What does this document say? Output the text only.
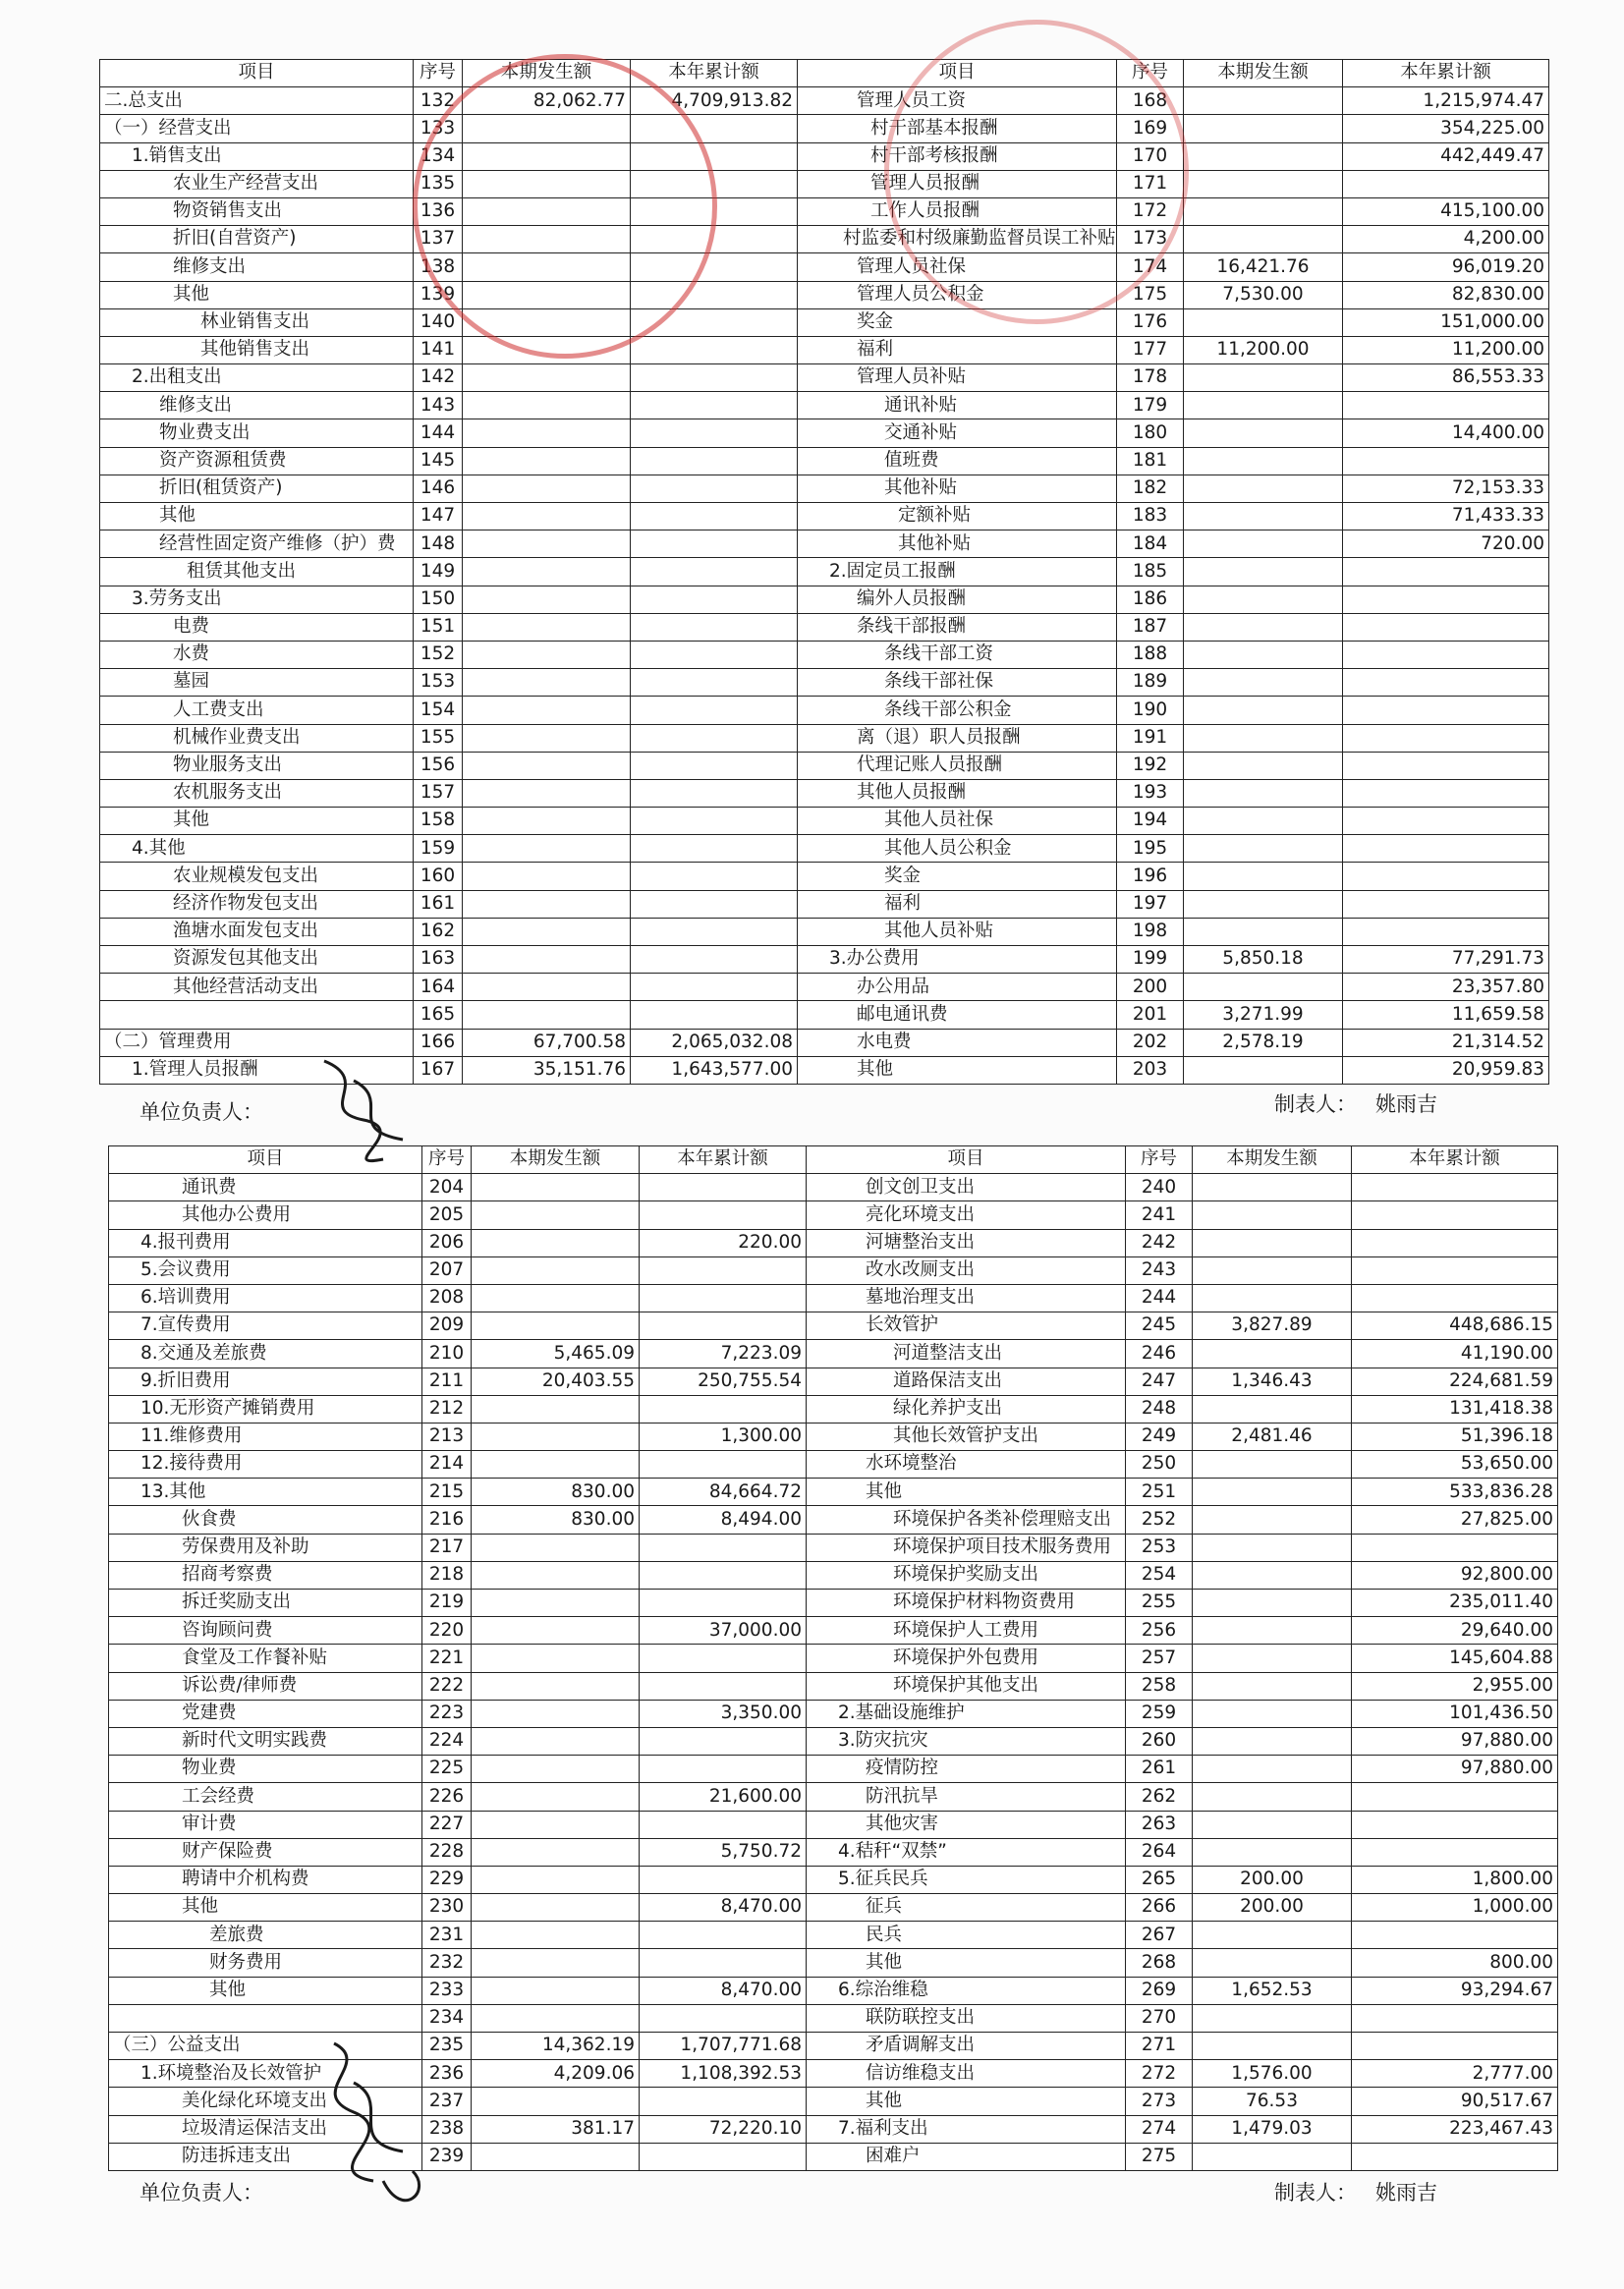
项目	序号	本期发生额	本年累计额	项目	序号	本期发生额	本年累计额
二.总支出	132	82,062.77	4,709,913.82	管理人员工资	168		1,215,974.47
（一）经营支出	133			村干部基本报酬	169		354,225.00
1.销售支出	134			村干部考核报酬	170		442,449.47
农业生产经营支出	135			管理人员报酬	171		
物资销售支出	136			工作人员报酬	172		415,100.00
折旧(自营资产)	137			村监委和村级廉勤监督员误工补贴	173		4,200.00
维修支出	138			管理人员社保	174	16,421.76	96,019.20
其他	139			管理人员公积金	175	7,530.00	82,830.00
林业销售支出	140			奖金	176		151,000.00
其他销售支出	141			福利	177	11,200.00	11,200.00
2.出租支出	142			管理人员补贴	178		86,553.33
维修支出	143			通讯补贴	179		
物业费支出	144			交通补贴	180		14,400.00
资产资源租赁费	145			值班费	181		
折旧(租赁资产)	146			其他补贴	182		72,153.33
其他	147			定额补贴	183		71,433.33
经营性固定资产维修（护）费	148			其他补贴	184		720.00
租赁其他支出	149			2.固定员工报酬	185		
3.劳务支出	150			编外人员报酬	186		
电费	151			条线干部报酬	187		
水费	152			条线干部工资	188		
墓园	153			条线干部社保	189		
人工费支出	154			条线干部公积金	190		
机械作业费支出	155			离（退）职人员报酬	191		
物业服务支出	156			代理记账人员报酬	192		
农机服务支出	157			其他人员报酬	193		
其他	158			其他人员社保	194		
4.其他	159			其他人员公积金	195		
农业规模发包支出	160			奖金	196		
经济作物发包支出	161			福利	197		
渔塘水面发包支出	162			其他人员补贴	198		
资源发包其他支出	163			3.办公费用	199	5,850.18	77,291.73
其他经营活动支出	164			办公用品	200		23,357.80
	165			邮电通讯费	201	3,271.99	11,659.58
（二）管理费用	166	67,700.58	2,065,032.08	水电费	202	2,578.19	21,314.52
1.管理人员报酬	167	35,151.76	1,643,577.00	其他	203		20,959.83
单位负责人：	制表人： 姚雨吉
项目	序号	本期发生额	本年累计额	项目	序号	本期发生额	本年累计额
通讯费	204			创文创卫支出	240		
其他办公费用	205			亮化环境支出	241		
4.报刊费用	206		220.00	河塘整治支出	242		
5.会议费用	207			改水改厕支出	243		
6.培训费用	208			墓地治理支出	244		
7.宣传费用	209			长效管护	245	3,827.89	448,686.15
8.交通及差旅费	210	5,465.09	7,223.09	河道整洁支出	246		41,190.00
9.折旧费用	211	20,403.55	250,755.54	道路保洁支出	247	1,346.43	224,681.59
10.无形资产摊销费用	212			绿化养护支出	248		131,418.38
11.维修费用	213		1,300.00	其他长效管护支出	249	2,481.46	51,396.18
12.接待费用	214			水环境整治	250		53,650.00
13.其他	215	830.00	84,664.72	其他	251		533,836.28
伙食费	216	830.00	8,494.00	环境保护各类补偿理赔支出	252		27,825.00
劳保费用及补助	217			环境保护项目技术服务费用	253		
招商考察费	218			环境保护奖励支出	254		92,800.00
拆迁奖励支出	219			环境保护材料物资费用	255		235,011.40
咨询顾问费	220		37,000.00	环境保护人工费用	256		29,640.00
食堂及工作餐补贴	221			环境保护外包费用	257		145,604.88
诉讼费/律师费	222			环境保护其他支出	258		2,955.00
党建费	223		3,350.00	2.基础设施维护	259		101,436.50
新时代文明实践费	224			3.防灾抗灾	260		97,880.00
物业费	225			疫情防控	261		97,880.00
工会经费	226		21,600.00	防汛抗旱	262		
审计费	227			其他灾害	263		
财产保险费	228		5,750.72	4.秸秆“双禁”	264		
聘请中介机构费	229			5.征兵民兵	265	200.00	1,800.00
其他	230		8,470.00	征兵	266	200.00	1,000.00
差旅费	231			民兵	267		
财务费用	232			其他	268		800.00
其他	233		8,470.00	6.综治维稳	269	1,652.53	93,294.67
	234			联防联控支出	270		
（三）公益支出	235	14,362.19	1,707,771.68	矛盾调解支出	271		
1.环境整治及长效管护	236	4,209.06	1,108,392.53	信访维稳支出	272	1,576.00	2,777.00
美化绿化环境支出	237			其他	273	76.53	90,517.67
垃圾清运保洁支出	238	381.17	72,220.10	7.福利支出	274	1,479.03	223,467.43
防违拆违支出	239			困难户	275		
单位负责人：	制表人： 姚雨吉
